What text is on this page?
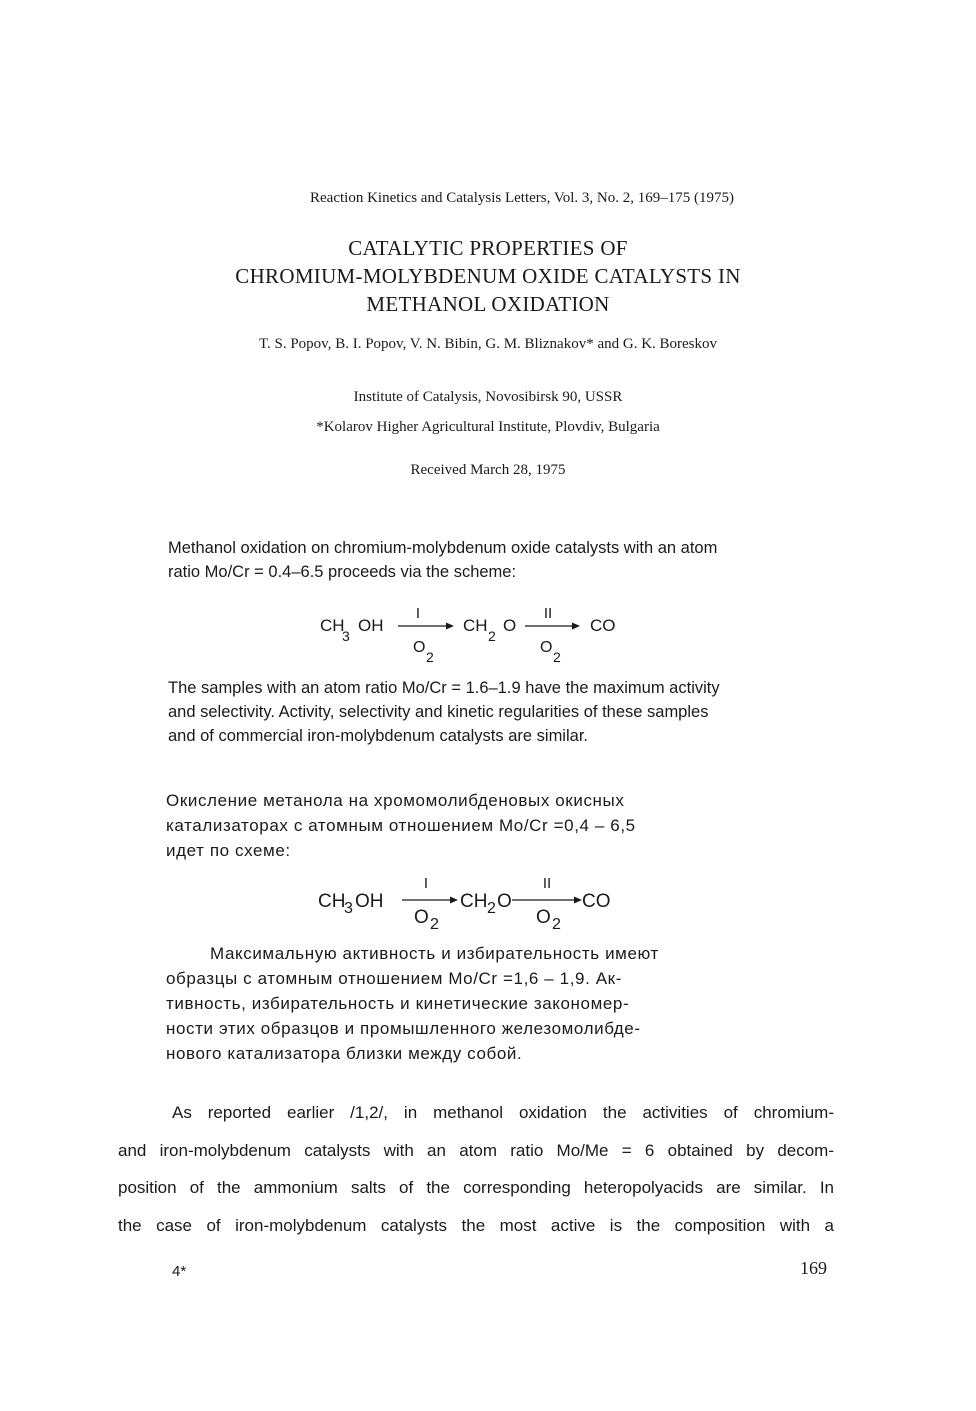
Reaction Kinetics and Catalysis Letters, Vol. 3, No. 2, 169–175 (1975)
CATALYTIC PROPERTIES OF
CHROMIUM-MOLYBDENUM OXIDE CATALYSTS IN
METHANOL OXIDATION
T. S. Popov, B. I. Popov, V. N. Bibin, G. M. Bliznakov* and G. K. Boreskov
Institute of Catalysis, Novosibirsk 90, USSR
*Kolarov Higher Agricultural Institute, Plovdiv, Bulgaria
Received March 28, 1975
Methanol oxidation on chromium-molybdenum oxide catalysts with an atom
ratio Mo/Cr = 0.4–6.5 proceeds via the scheme:
CH
3
OH
I
O
2
CH
2
O
II
O
2
CO
The samples with an atom ratio Mo/Cr = 1.6–1.9 have the maximum activity
and selectivity. Activity, selectivity and kinetic regularities of these samples
and of commercial iron-molybdenum catalysts are similar.
Окисление метанола на хромомолибденовых окисных
катализаторах с атомным отношением Mo/Cr =0,4 – 6,5
идет по схеме:
CH
3 OH
I
O 2
CH 2 O
II
O 2
CO
Максимальную активность и избирательность имеют
образцы с атомным отношением Mo/Cr =1,6 – 1,9. Ак-
тивность, избирательность и кинетические закономер-
ности этих образцов и промышленного железомолибде-
нового катализатора близки между собой.
As reported earlier /1,2/, in methanol oxidation the activities of chromium-
and iron-molybdenum catalysts with an atom ratio Mo/Me = 6 obtained by decom-
position of the ammonium salts of the corresponding heteropolyacids are similar. In
the case of iron-molybdenum catalysts the most active is the composition with a
4*	169
